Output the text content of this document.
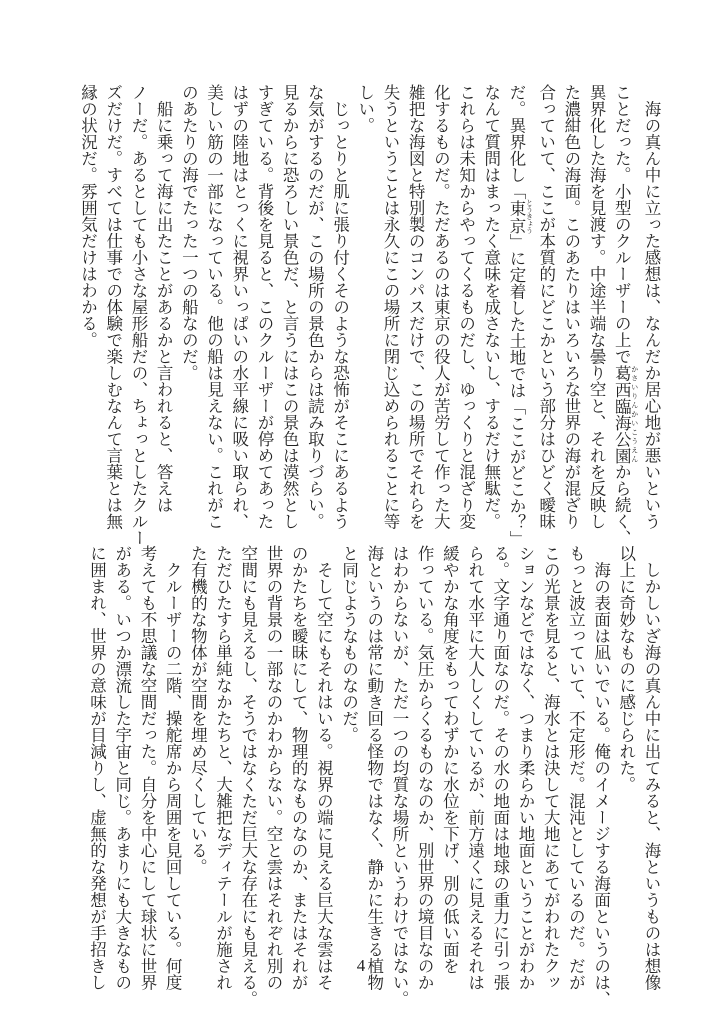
　海の真ん中に立った感想は、なんだか居心地が悪いという
ことだった。小型のクルーザーの上で葛西臨海公園 かさいりんかいこうえんから続く、
異界化した海を見渡す。中途半端な曇り空と、それを反映し
た濃紺色の海面。このあたりはいろいろな世界の海が混ざり
合っていて、ここが本質的にどこかという部分はひどく曖昧
だ。異界化し「東京 とうきょう」に定着した土地では「ここがどこか？」
なんて質問はまったく意味を成さないし、するだけ無駄だ。
これらは未知からやってくるものだし、ゆっくりと混ざり変
化するものだ。ただあるのは東京の役人が苦労して作った大
雑把な海図と特別製のコンパスだけで、この場所でそれらを
失うということは永久にこの場所に閉じ込められることに等
しい。
　じっとりと肌に張り付くそのような恐怖がそこにあるよう
な気がするのだが、この場所の景色からは読み取りづらい。
見るからに恐ろしい景色だ、と言うにはこの景色は漠然とし
すぎている。背後を見ると、このクルーザーが停めてあった
はずの陸地はとっくに視界いっぱいの水平線に吸い取られ、
美しい筋の一部になっている。他の船は見えない。これがこ
のあたりの海でたった一つの船なのだ。
　船に乗って海に出たことがあるかと言われると、答えは
ノーだ。あるとしても小さな屋形船だの、ちょっとしたクルー
ズだけだ。すべては仕事での体験で楽しむなんて言葉とは無
縁の状況だ。雰囲気だけはわかる。
　しかしいざ海の真ん中に出てみると、海というものは想像
以上に奇妙なものに感じられた。
　海の表面は凪いでいる。俺のイメージする海面というのは、
もっと波立っていて、不定形だ。混沌としているのだ。だが
この光景を見ると、海水とは決して大地にあてがわれたクッ
ションなどではなく、つまり柔らかい地面ということがわか
る。文字通り面なのだ。その水の地面は地球の重力に引っ張
られて水平に大人しくしているが、前方遠くに見えるそれは
緩やかな角度をもってわずかに水位を下げ、別の低い面を
作っている。気圧からくるものなのか、別世界の境目なのか
はわからないが、ただ一つの均質な場所というわけではない。
海というのは常に動き回る怪物ではなく、静かに生きる植物
と同じようなものなのだ。
　そして空にもそれはいる。視界の端に見える巨大な雲はそ
のかたちを曖昧にして、物理的なものなのか、またはそれが
世界の背景の一部なのかわからない。空と雲はそれぞれ別の
空間にも見えるし、そうではなくただ巨大な存在にも見える。
ただひたすら単純なかたちと、大雑把なディテールが施され
た有機的な物体が空間を埋め尽くしている。
　クルーザーの二階、操舵席から周囲を見回している。何度
考えても不思議な空間だった。自分を中心にして球状に世界
がある。いつか漂流した宇宙と同じ。あまりにも大きなもの
に囲まれ、世界の意味が目減りし、虚無的な発想が手招きし	4
